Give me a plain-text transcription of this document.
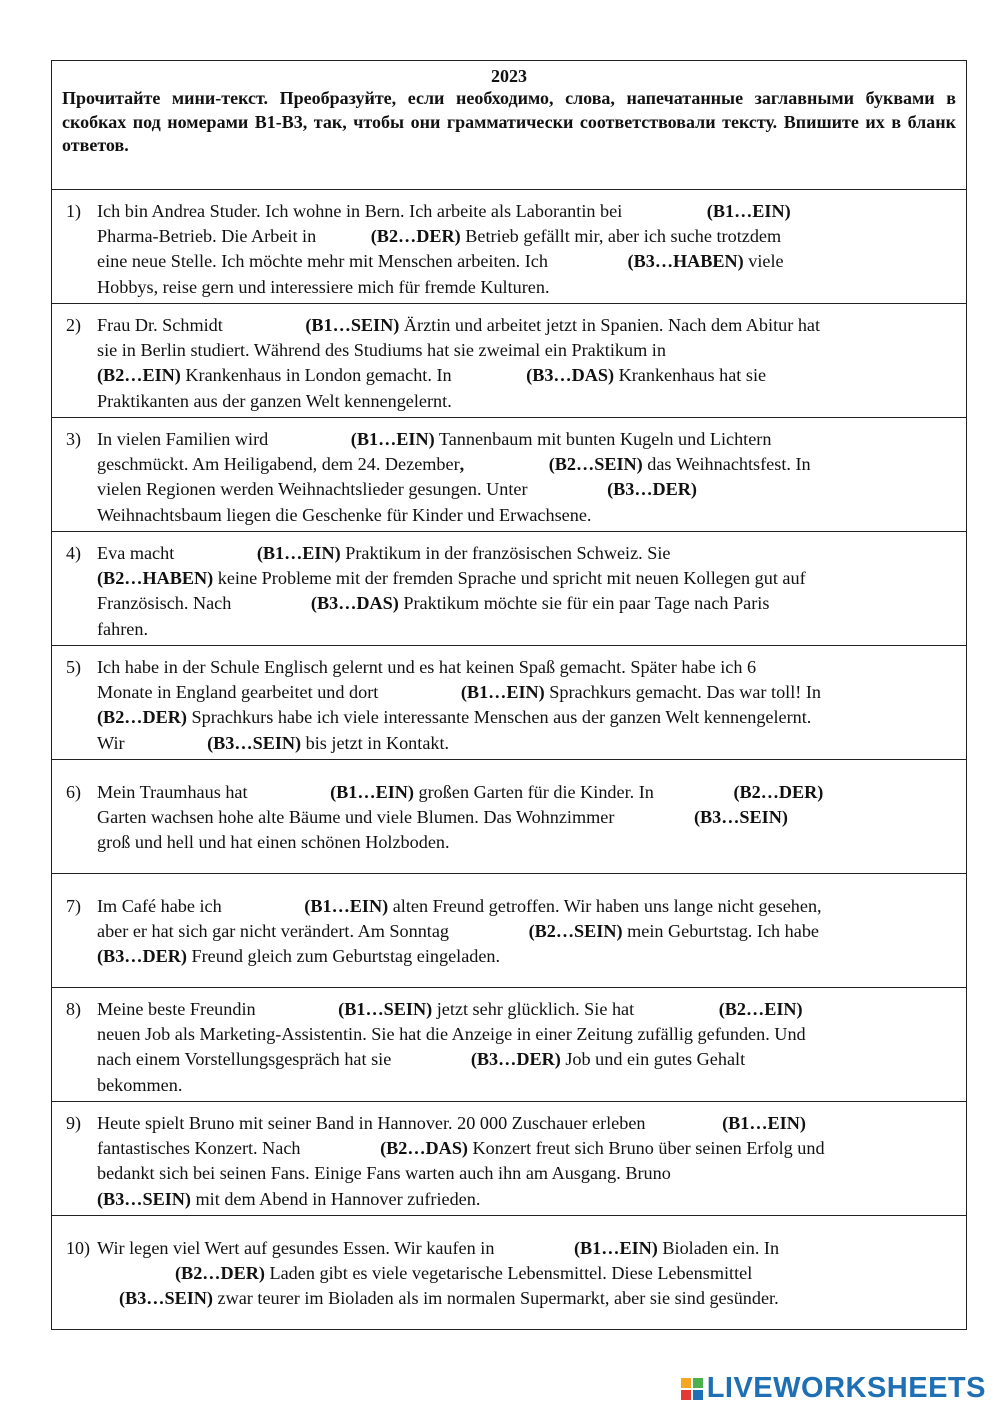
2023
Прочитайте мини-текст. Преобразуйте, если необходимо, слова, напечатанные заглавными буквами в скобках под номерами B1-B3, так, чтобы они грамматически соответствовали тексту. Впишите их в бланк ответов.
1) Ich bin Andrea Studer. Ich wohne in Bern. Ich arbeite als Laborantin bei	(B1…EIN)
Pharma-Betrieb. Die Arbeit in	(B2…DER) Betrieb gefällt mir, aber ich suche trotzdem
eine neue Stelle. Ich möchte mehr mit Menschen arbeiten. Ich	(B3…HABEN) viele
Hobbys, reise gern und interessiere mich für fremde Kulturen.
2) Frau Dr. Schmidt	(B1…SEIN) Ärztin und arbeitet jetzt in Spanien. Nach dem Abitur hat
sie in Berlin studiert. Während des Studiums hat sie zweimal ein Praktikum in
(B2…EIN) Krankenhaus in London gemacht. In	(B3…DAS) Krankenhaus hat sie
Praktikanten aus der ganzen Welt kennengelernt.
3) In vielen Familien wird	(B1…EIN) Tannenbaum mit bunten Kugeln und Lichtern
geschmückt. Am Heiligabend, dem 24. Dezember,	(B2…SEIN) das Weihnachtsfest. In
vielen Regionen werden Weihnachtslieder gesungen. Unter	(B3…DER)
Weihnachtsbaum liegen die Geschenke für Kinder und Erwachsene.
4) Eva macht	(B1…EIN) Praktikum in der französischen Schweiz. Sie
(B2…HABEN) keine Probleme mit der fremden Sprache und spricht mit neuen Kollegen gut auf
Französisch. Nach	(B3…DAS) Praktikum möchte sie für ein paar Tage nach Paris
fahren.
5) Ich habe in der Schule Englisch gelernt und es hat keinen Spaß gemacht. Später habe ich 6
Monate in England gearbeitet und dort	(B1…EIN) Sprachkurs gemacht. Das war toll! In
(B2…DER) Sprachkurs habe ich viele interessante Menschen aus der ganzen Welt kennengelernt.
Wir	(B3…SEIN) bis jetzt in Kontakt.
6) Mein Traumhaus hat	(B1…EIN) großen Garten für die Kinder. In	(B2…DER)
Garten wachsen hohe alte Bäume und viele Blumen. Das Wohnzimmer	(B3…SEIN)
groß und hell und hat einen schönen Holzboden.
7) Im Café habe ich	(B1…EIN) alten Freund getroffen. Wir haben uns lange nicht gesehen,
aber er hat sich gar nicht verändert. Am Sonntag	(B2…SEIN) mein Geburtstag. Ich habe
(B3…DER) Freund gleich zum Geburtstag eingeladen.
8) Meine beste Freundin	(B1…SEIN) jetzt sehr glücklich. Sie hat	(B2…EIN)
neuen Job als Marketing-Assistentin. Sie hat die Anzeige in einer Zeitung zufällig gefunden. Und
nach einem Vorstellungsgespräch hat sie	(B3…DER) Job und ein gutes Gehalt
bekommen.
9) Heute spielt Bruno mit seiner Band in Hannover. 20 000 Zuschauer erleben	(B1…EIN)
fantastisches Konzert. Nach	(B2…DAS) Konzert freut sich Bruno über seinen Erfolg und
bedankt sich bei seinen Fans. Einige Fans warten auch ihn am Ausgang. Bruno
(B3…SEIN) mit dem Abend in Hannover zufrieden.
10) Wir legen viel Wert auf gesundes Essen. Wir kaufen in	(B1…EIN) Bioladen ein. In
(B2…DER) Laden gibt es viele vegetarische Lebensmittel. Diese Lebensmittel
(B3…SEIN) zwar teurer im Bioladen als im normalen Supermarkt, aber sie sind gesünder.
LIVEWORKSHEETS
